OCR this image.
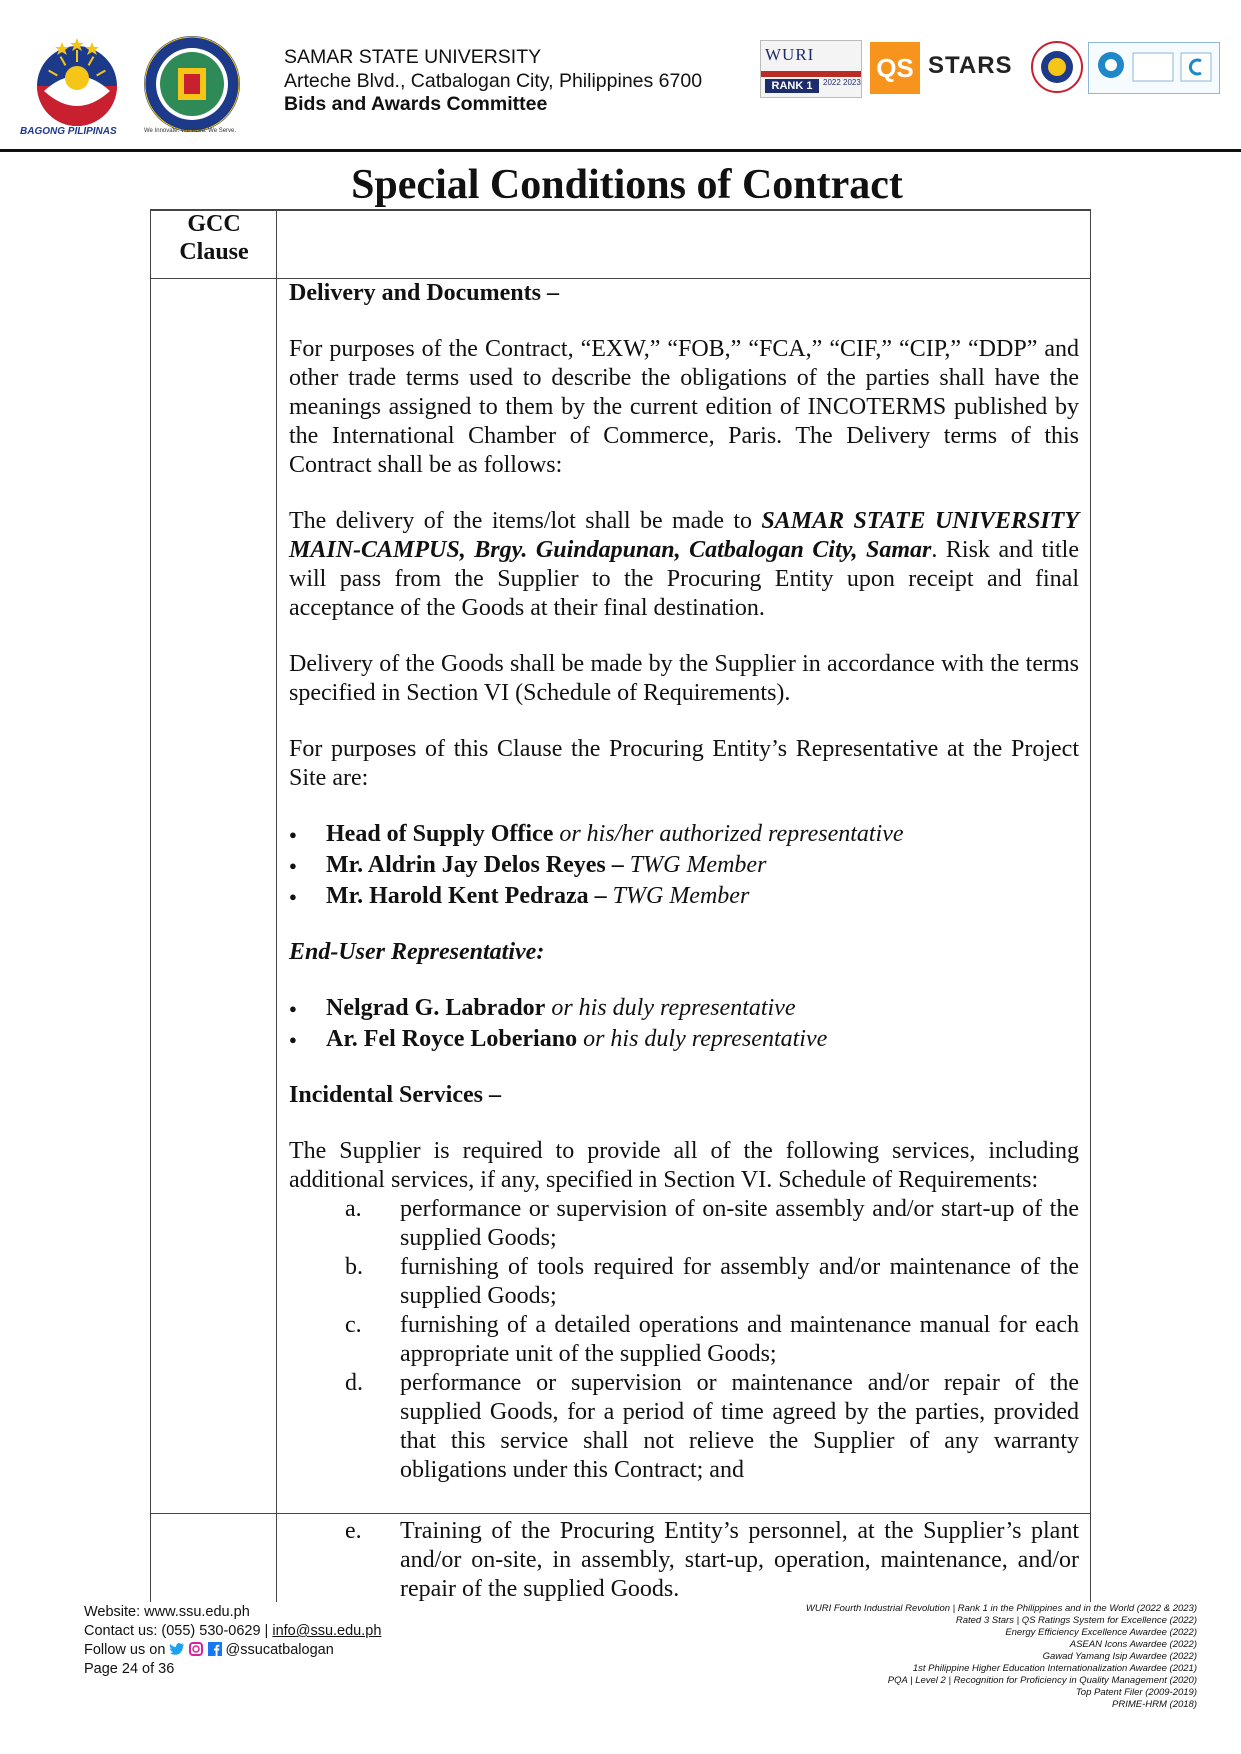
BAGONG PILIPINAS	We Innovate. We Build. We Serve.
SAMAR STATE UNIVERSITY
Arteche Blvd., Catbalogan City, Philippines 6700
Bids and Awards Committee
WURI
RANK 1	2022 2023 QS STARS
Special Conditions of Contract
GCC
Clause

Delivery and Documents –

For purposes of the Contract, “EXW,” “FOB,” “FCA,” “CIF,” “CIP,” “DDP” and other trade terms used to describe the obligations of the parties shall have the meanings assigned to them by the current edition of INCOTERMS published by the International Chamber of Commerce, Paris. The Delivery terms of this Contract shall be as follows:

The delivery of the items/lot shall be made to SAMAR STATE UNIVERSITY MAIN-CAMPUS, Brgy. Guindapunan, Catbalogan City, Samar. Risk and title will pass from the Supplier to the Procuring Entity upon receipt and final acceptance of the Goods at their final destination.

Delivery of the Goods shall be made by the Supplier in accordance with the terms specified in Section VI (Schedule of Requirements).

For purposes of this Clause the Procuring Entity’s Representative at the Project Site are:

● Head of Supply Office or his/her authorized representative
● Mr. Aldrin Jay Delos Reyes – TWG Member
● Mr. Harold Kent Pedraza – TWG Member

End-User Representative:

● Nelgrad G. Labrador or his duly representative
● Ar. Fel Royce Loberiano or his duly representative

Incidental Services –

The Supplier is required to provide all of the following services, including additional services, if any, specified in Section VI. Schedule of Requirements:

a. performance or supervision of on-site assembly and/or start-up of the supplied Goods;
b. furnishing of tools required for assembly and/or maintenance of the supplied Goods;
c. furnishing of a detailed operations and maintenance manual for each appropriate unit of the supplied Goods;
d. performance or supervision or maintenance and/or repair of the supplied Goods, for a period of time agreed by the parties, provided that this service shall not relieve the Supplier of any warranty obligations under this Contract; and
e. Training of the Procuring Entity’s personnel, at the Supplier’s plant and/or on-site, in assembly, start-up, operation, maintenance, and/or repair of the supplied Goods.
Website: www.ssu.edu.ph
Contact us: (055) 530-0629 | info@ssu.edu.ph
Follow us on	@ssucatbalogan
Page 24 of 36
WURI Fourth Industrial Revolution | Rank 1 in the Philippines and in the World (2022 & 2023)
Rated 3 Stars | QS Ratings System for Excellence (2022)
Energy Efficiency Excellence Awardee (2022)
ASEAN Icons Awardee (2022)
Gawad Yamang Isip Awardee (2022)
1st Philippine Higher Education Internationalization Awardee (2021)
PQA | Level 2 | Recognition for Proficiency in Quality Management (2020)
Top Patent Filer (2009-2019)
PRIME-HRM (2018)
